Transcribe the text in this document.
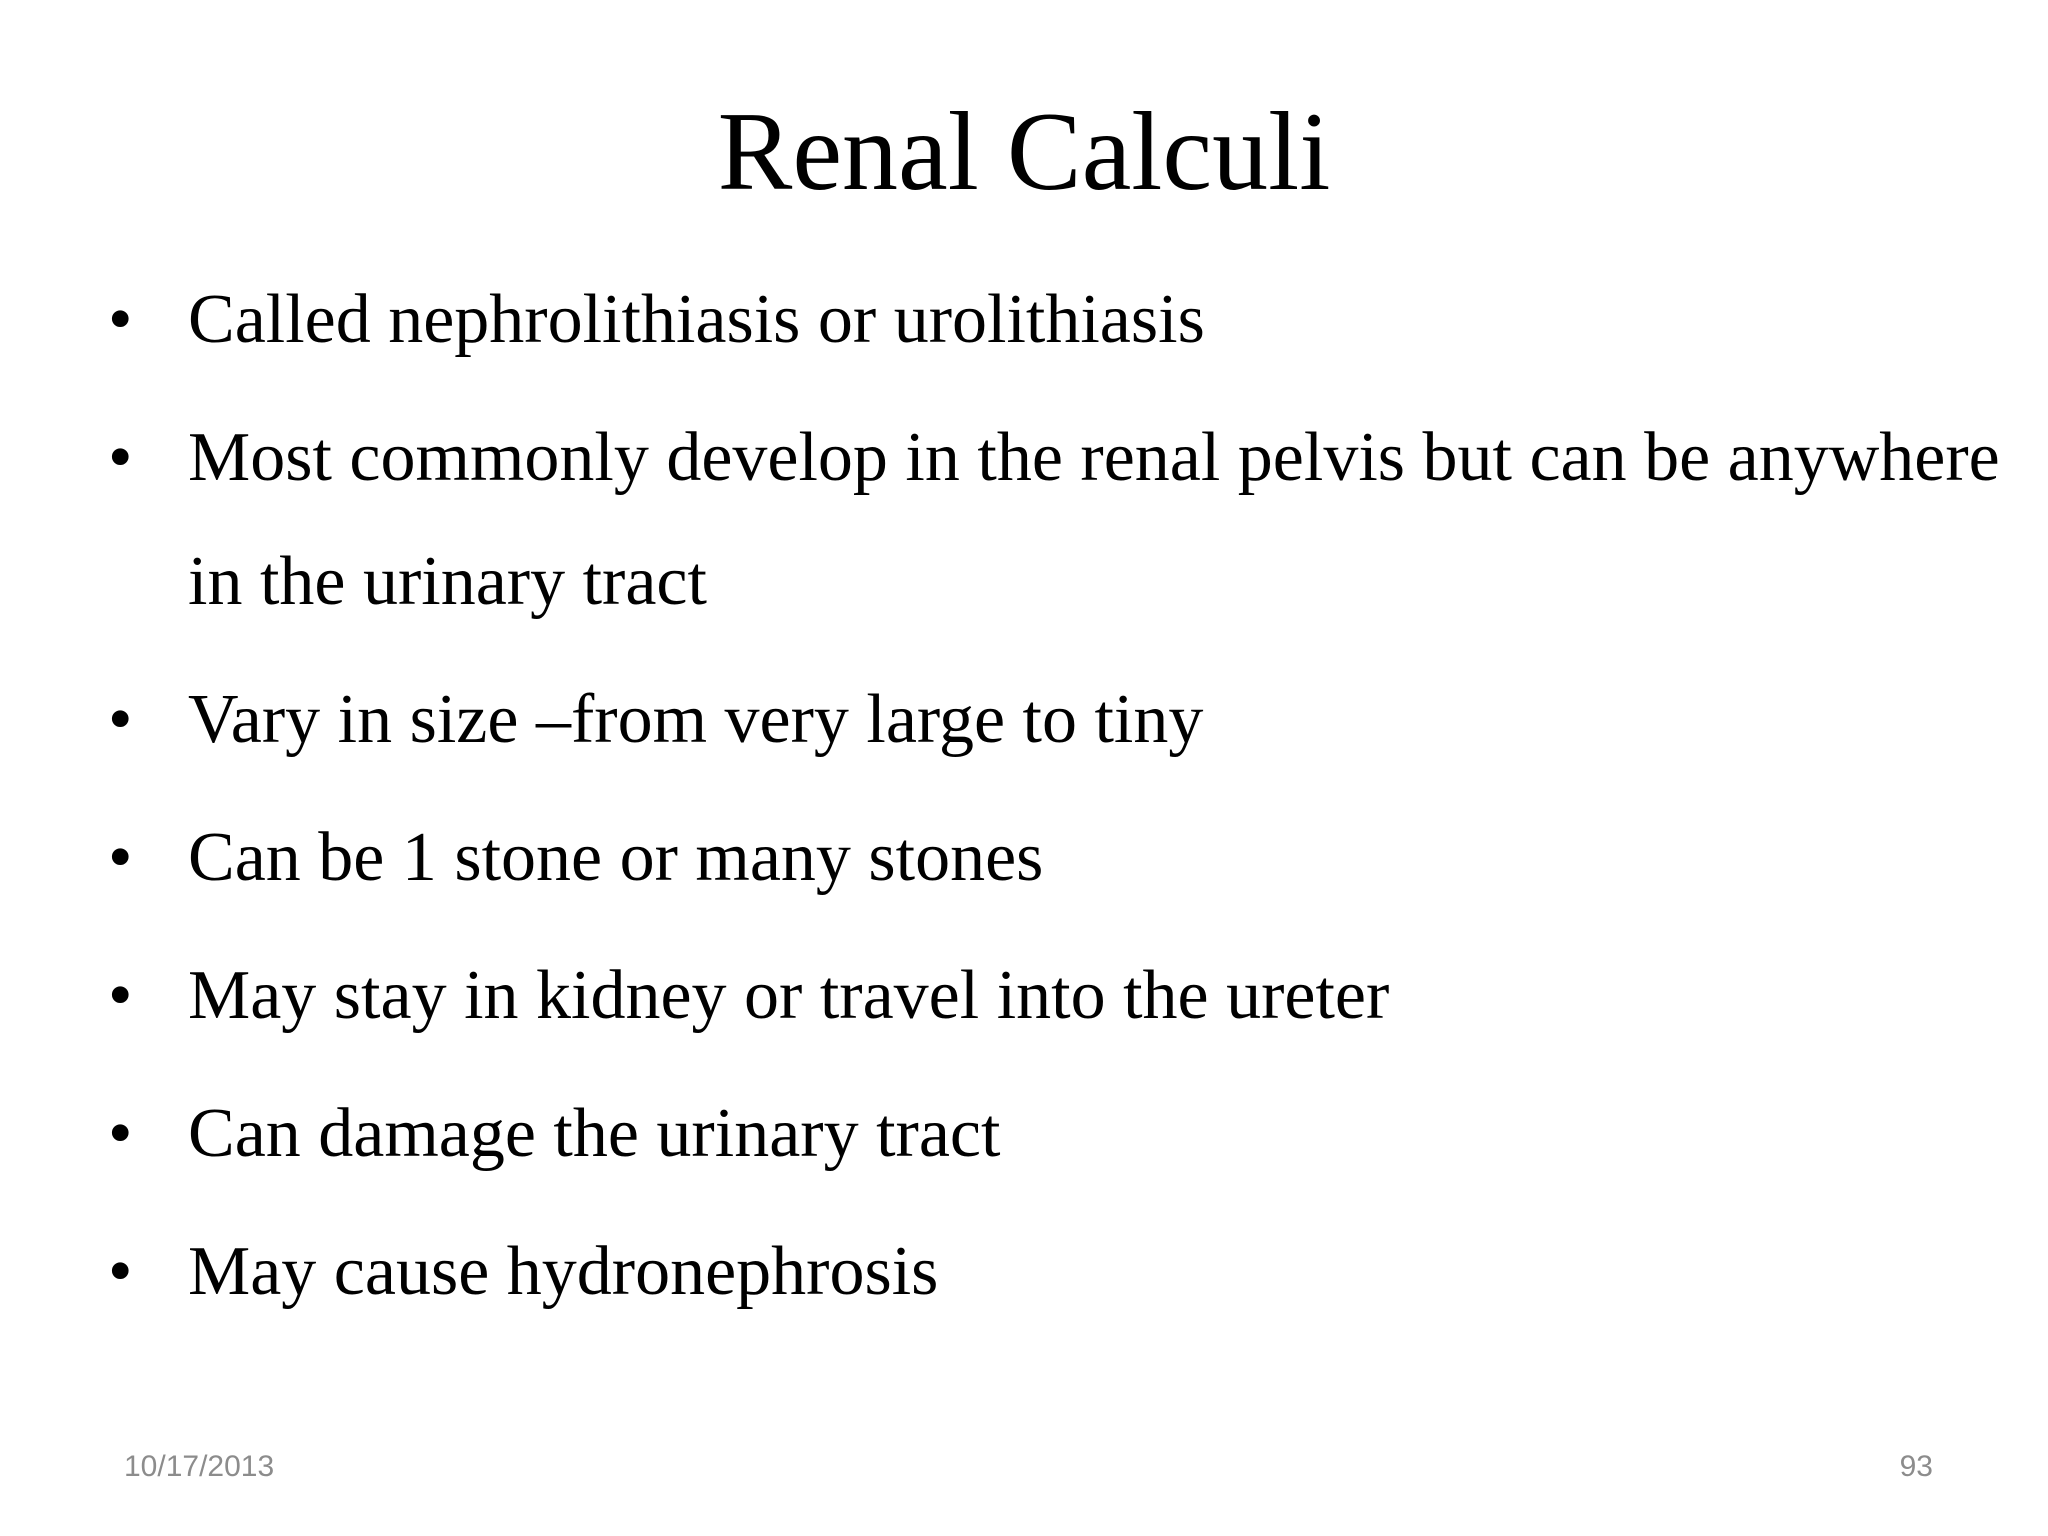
Renal Calculi
• Called nephrolithiasis or urolithiasis
• Most commonly develop in the renal pelvis but can be anywhere in the urinary tract
• Vary in size –from very large to tiny
• Can be 1 stone or many stones
• May stay in kidney or travel into the ureter
• Can damage the urinary tract
• May cause hydronephrosis
10/17/2013	93
